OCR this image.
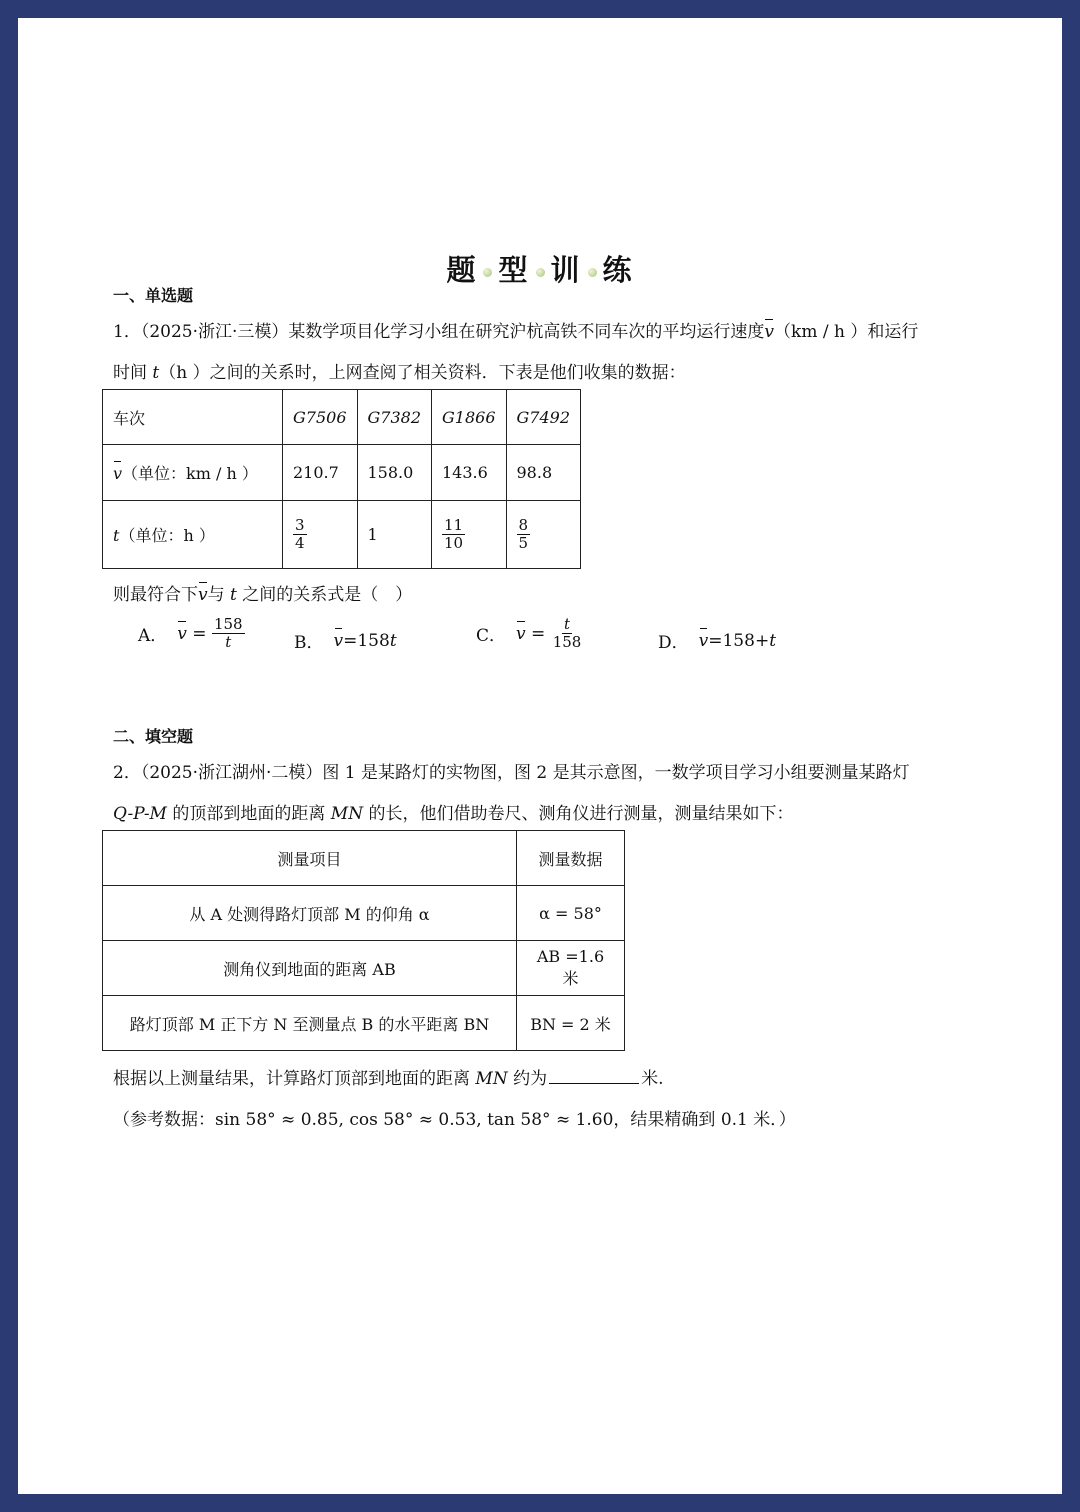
题 型 训 练
一、单选题
1．（2025·浙江·三模）某数学项目化学习小组在研究沪杭高铁不同车次的平均运行速度v（km / h ）和运行
时间 t（h ）之间的关系时，上网查阅了相关资料．下表是他们收集的数据：
车次	G7506	G7382	G1866	G7492
v（单位：km / h ）	210.7	158.0	143.6	98.8
t（单位：h ）	$\frac{3}{4}$	1	$\frac{11}{10}$	$\frac{8}{5}$
则最符合下v与 t 之间的关系式是（　）
A． $v = \frac{158}{t}$	B． v =158 t	C． $v = \frac{t}{158}$	D． v =158+ t
二、填空题
2．（2025·浙江湖州·二模）图 1 是某路灯的实物图，图 2 是其示意图，一数学项目学习小组要测量某路灯
Q-P-M 的顶部到地面的距离 MN 的长，他们借助卷尺、测角仪进行测量，测量结果如下：
测量项目	测量数据
从 A 处测得路灯顶部 M 的仰角 α	α = 58°
测角仪到地面的距离 AB	AB =1.6 米
路灯顶部 M 正下方 N 至测量点 B 的水平距离 BN	BN = 2 米
根据以上测量结果，计算路灯顶部到地面的距离 MN 约为	米.
（参考数据：sin 58° ≈ 0.85, cos 58° ≈ 0.53, tan 58° ≈ 1.60，结果精确到 0.1 米．）
